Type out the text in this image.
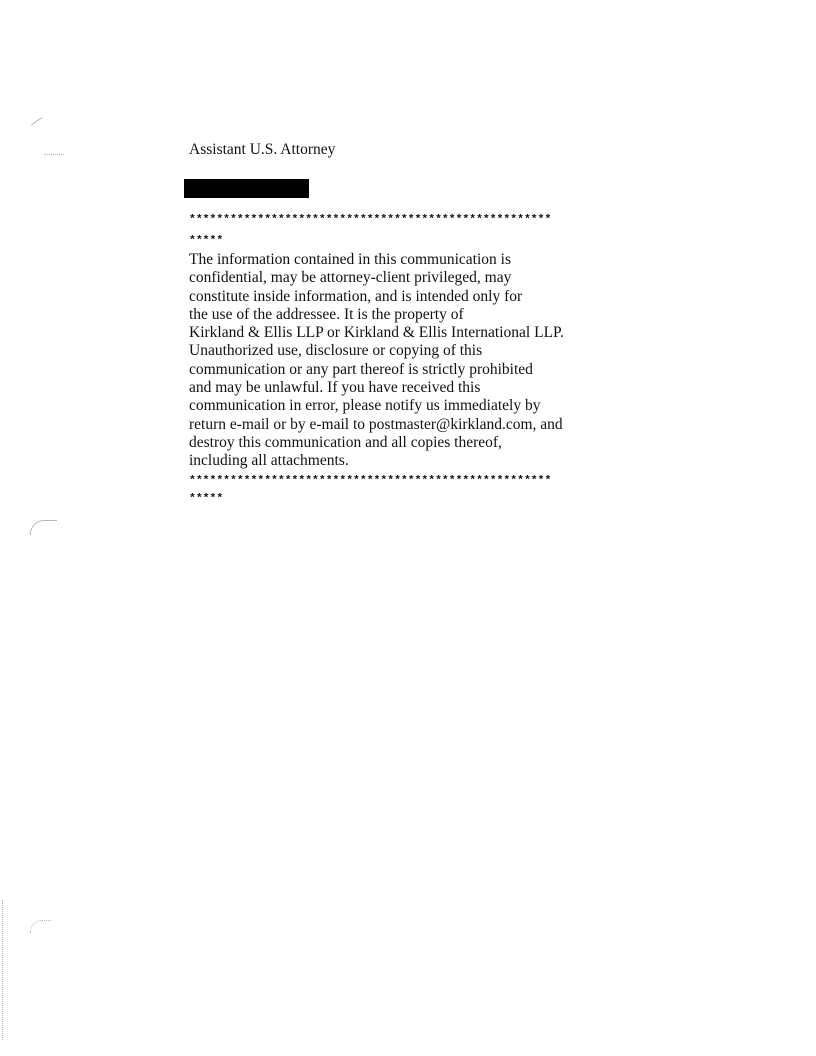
Assistant U.S. Attorney
*****************************************************
*****
The information contained in this communication is
confidential, may be attorney-client privileged, may
constitute inside information, and is intended only for
the use of the addressee. It is the property of
Kirkland & Ellis LLP or Kirkland & Ellis International LLP.
Unauthorized use, disclosure or copying of this
communication or any part thereof is strictly prohibited
and may be unlawful. If you have received this
communication in error, please notify us immediately by
return e-mail or by e-mail to postmaster@kirkland.com, and
destroy this communication and all copies thereof,
including all attachments.
*****************************************************
*****
